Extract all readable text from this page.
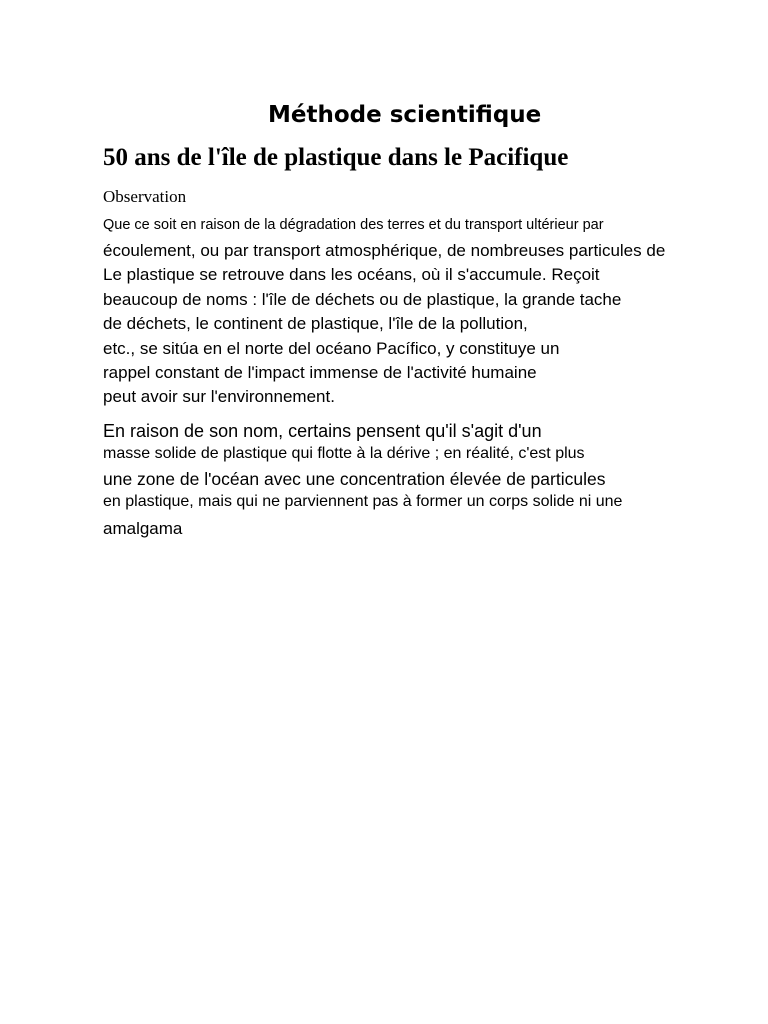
Méthode scientifique
50 ans de l'île de plastique dans le Pacifique
Observation
Que ce soit en raison de la dégradation des terres et du transport ultérieur par
écoulement, ou par transport atmosphérique, de nombreuses particules de
Le plastique se retrouve dans les océans, où il s'accumule. Reçoit
beaucoup de noms : l'île de déchets ou de plastique, la grande tache
de déchets, le continent de plastique, l'île de la pollution,
etc., se sitúa en el norte del océano Pacífico, y constituye un
rappel constant de l'impact immense de l'activité humaine
peut avoir sur l'environnement.
En raison de son nom, certains pensent qu'il s'agit d'un
masse solide de plastique qui flotte à la dérive ; en réalité, c'est plus
une zone de l'océan avec une concentration élevée de particules
en plastique, mais qui ne parviennent pas à former un corps solide ni une
amalgama
